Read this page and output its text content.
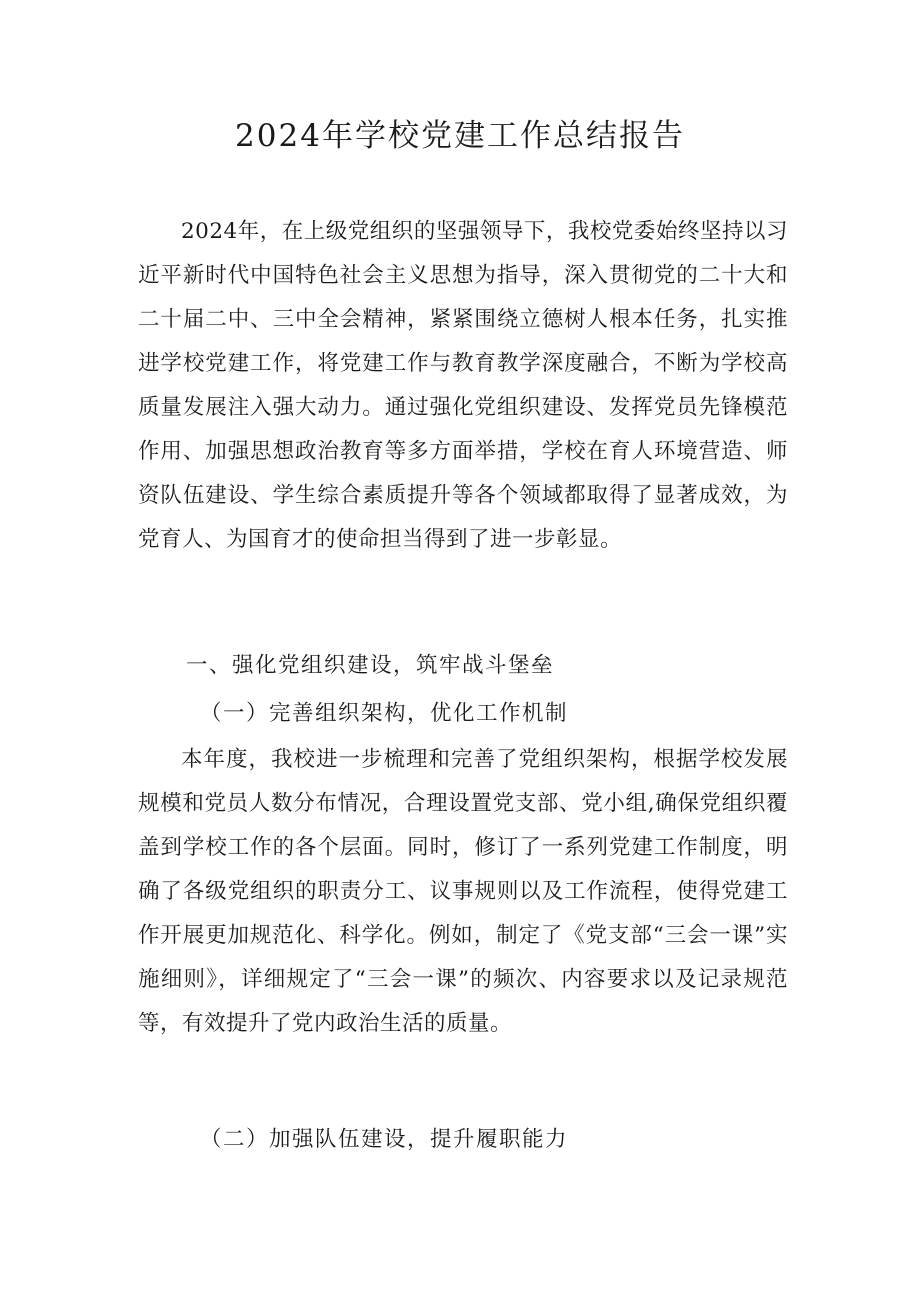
2024年学校党建工作总结报告
2024年，在上级党组织的坚强领导下，我校党委始终坚持以习近平新时代中国特色社会主义思想为指导，深入贯彻党的二十大和二十届二中、三中全会精神，紧紧围绕立德树人根本任务，扎实推进学校党建工作，将党建工作与教育教学深度融合，不断为学校高质量发展注入强大动力。通过强化党组织建设、发挥党员先锋模范作用、加强思想政治教育等多方面举措，学校在育人环境营造、师资队伍建设、学生综合素质提升等各个领域都取得了显著成效，为党育人、为国育才的使命担当得到了进一步彰显。
一、强化党组织建设，筑牢战斗堡垒
（一）完善组织架构，优化工作机制
本年度，我校进一步梳理和完善了党组织架构，根据学校发展规模和党员人数分布情况，合理设置党支部、党小组,确保党组织覆盖到学校工作的各个层面。同时，修订了一系列党建工作制度，明确了各级党组织的职责分工、议事规则以及工作流程，使得党建工作开展更加规范化、科学化。例如，制定了《党支部“三会一课”实施细则》，详细规定了“三会一课”的频次、内容要求以及记录规范等，有效提升了党内政治生活的质量。
（二）加强队伍建设，提升履职能力
